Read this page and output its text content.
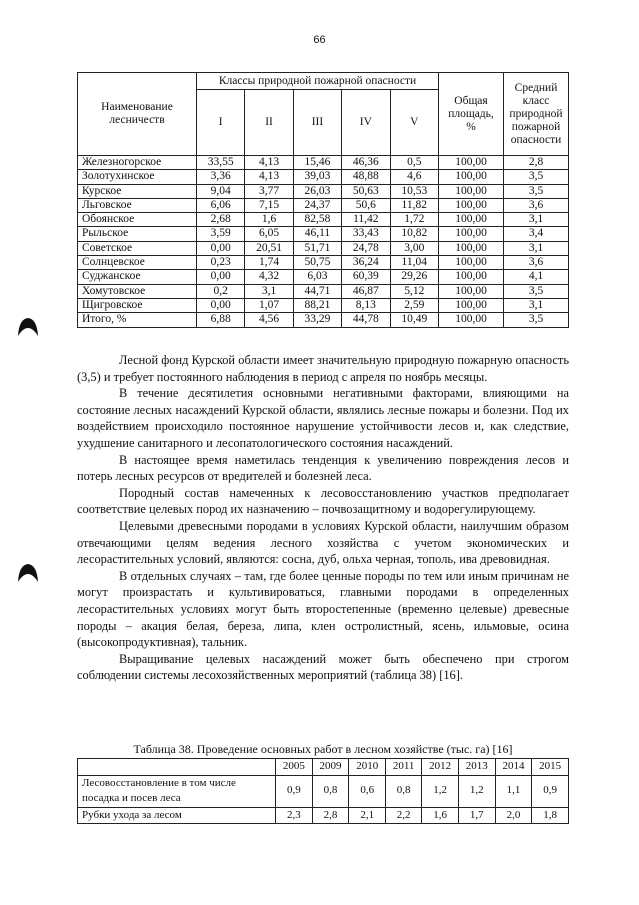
66
Наименование лесничеств	Классы природной пожарной опасности					Общая площадь, %	Средний класс природной пожарной опасности
	I	II	III	IV	V		
Железногорское	33,55	4,13	15,46	46,36	0,5	100,00	2,8
Золотухинское	3,36	4,13	39,03	48,88	4,6	100,00	3,5
Курское	9,04	3,77	26,03	50,63	10,53	100,00	3,5
Льговское	6,06	7,15	24,37	50,6	11,82	100,00	3,6
Обоянское	2,68	1,6	82,58	11,42	1,72	100,00	3,1
Рыльское	3,59	6,05	46,11	33,43	10,82	100,00	3,4
Советское	0,00	20,51	51,71	24,78	3,00	100,00	3,1
Солнцевское	0,23	1,74	50,75	36,24	11,04	100,00	3,6
Суджанское	0,00	4,32	6,03	60,39	29,26	100,00	4,1
Хомутовское	0,2	3,1	44,71	46,87	5,12	100,00	3,5
Щигровское	0,00	1,07	88,21	8,13	2,59	100,00	3,1
Итого, %	6,88	4,56	33,29	44,78	10,49	100,00	3,5

Лесной фонд Курской области имеет значительную природную пожарную опасность (3,5) и требует постоянного наблюдения в период с апреля по ноябрь месяцы.

В течение десятилетия основными негативными факторами, влияющими на состояние лесных насаждений Курской области, являлись лесные пожары и болезни. Под их воздействием происходило постоянное нарушение устойчивости лесов и, как следствие, ухудшение санитарного и лесопатологического состояния насаждений.

В настоящее время наметилась тенденция к увеличению повреждения лесов и потерь лесных ресурсов от вредителей и болезней леса.

Породный состав намеченных к лесовосстановлению участков предполагает соответствие целевых пород их назначению – почвозащитному и водорегулирующему.

Целевыми древесными породами в условиях Курской области, наилучшим образом отвечающими целям ведения лесного хозяйства с учетом экономических и лесорастительных условий, являются: сосна, дуб, ольха черная, тополь, ива древовидная.

В отдельных случаях – там, где более ценные породы по тем или иным причинам не могут произрастать и культивироваться, главными породами в определенных лесорастительных условиях могут быть второстепенные (временно целевые) древесные породы – акация белая, береза, липа, клен остролистный, ясень, ильмовые, осина (высокопродуктивная), тальник.

Выращивание целевых насаждений может быть обеспечено при строгом соблюдении системы лесохозяйственных мероприятий (таблица 38) [16].

Таблица 38. Проведение основных работ в лесном хозяйстве (тыс. га) [16]
	2005	2009	2010	2011	2012	2013	2014	2015
Лесовосстановление в том числе посадка и посев леса	0,9	0,8	0,6	0,8	1,2	1,2	1,1	0,9
Рубки ухода за лесом	2,3	2,8	2,1	2,2	1,6	1,7	2,0	1,8
